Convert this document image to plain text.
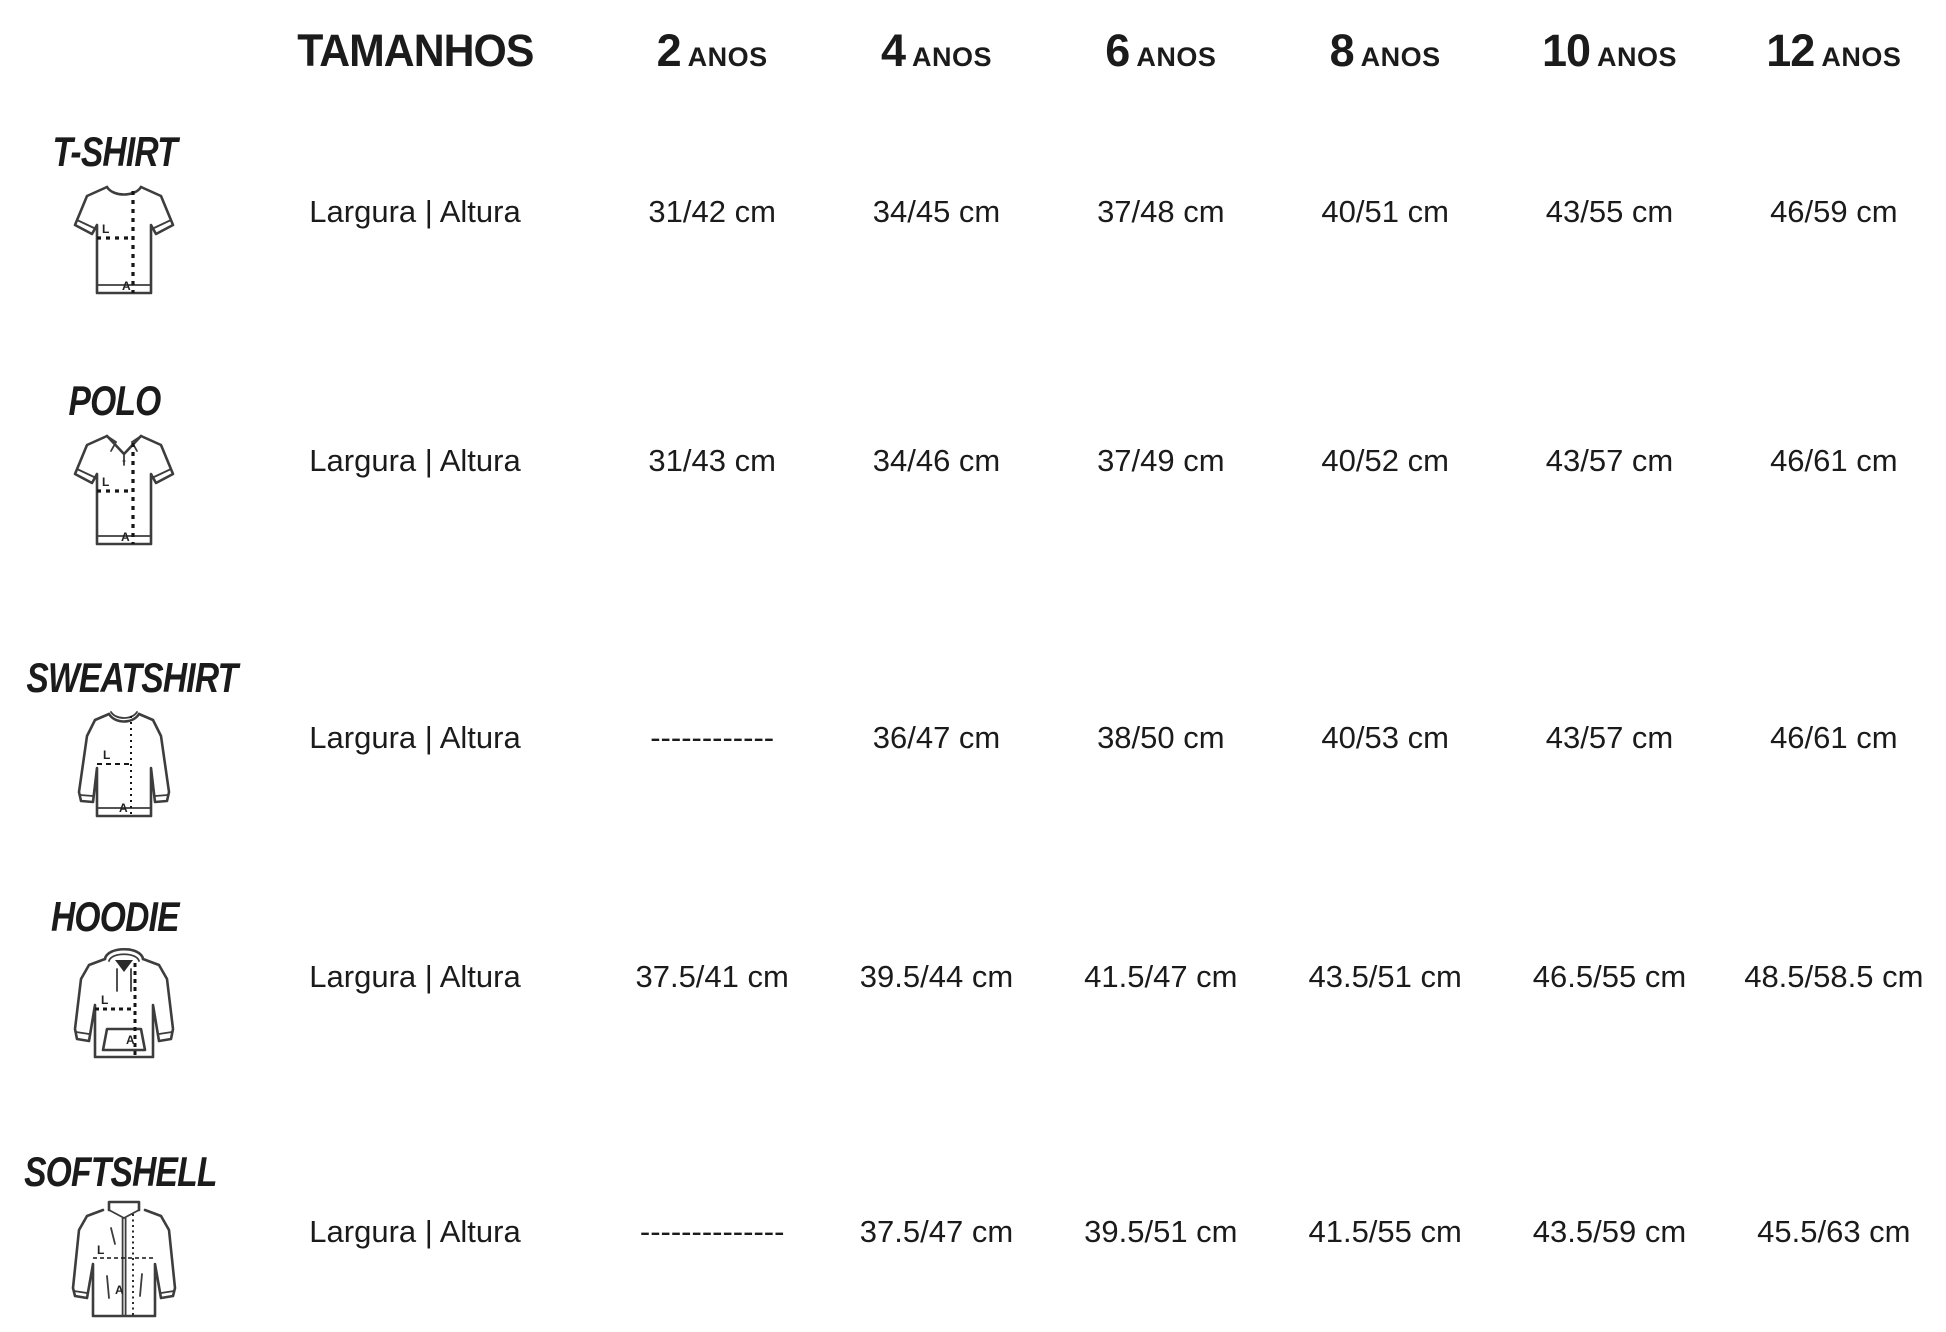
TAMANHOS	2 ANOS	4 ANOS	6 ANOS	8 ANOS	10 ANOS	12 ANOS
T-SHIRT
L
A
Largura | Altura	31/42 cm	34/45 cm	37/48 cm	40/51 cm	43/55 cm	46/59 cm
POLO
L
A
Largura | Altura	31/43 cm	34/46 cm	37/49 cm	40/52 cm	43/57 cm	46/61 cm
SWEATSHIRT
L
A
Largura | Altura	------------	36/47 cm	38/50 cm	40/53 cm	43/57 cm	46/61 cm
HOODIE
L
A
Largura | Altura	37.5/41 cm	39.5/44 cm	41.5/47 cm	43.5/51 cm	46.5/55 cm	48.5/58.5 cm
SOFTSHELL
L
A
Largura | Altura	--------------	37.5/47 cm	39.5/51 cm	41.5/55 cm	43.5/59 cm	45.5/63 cm
